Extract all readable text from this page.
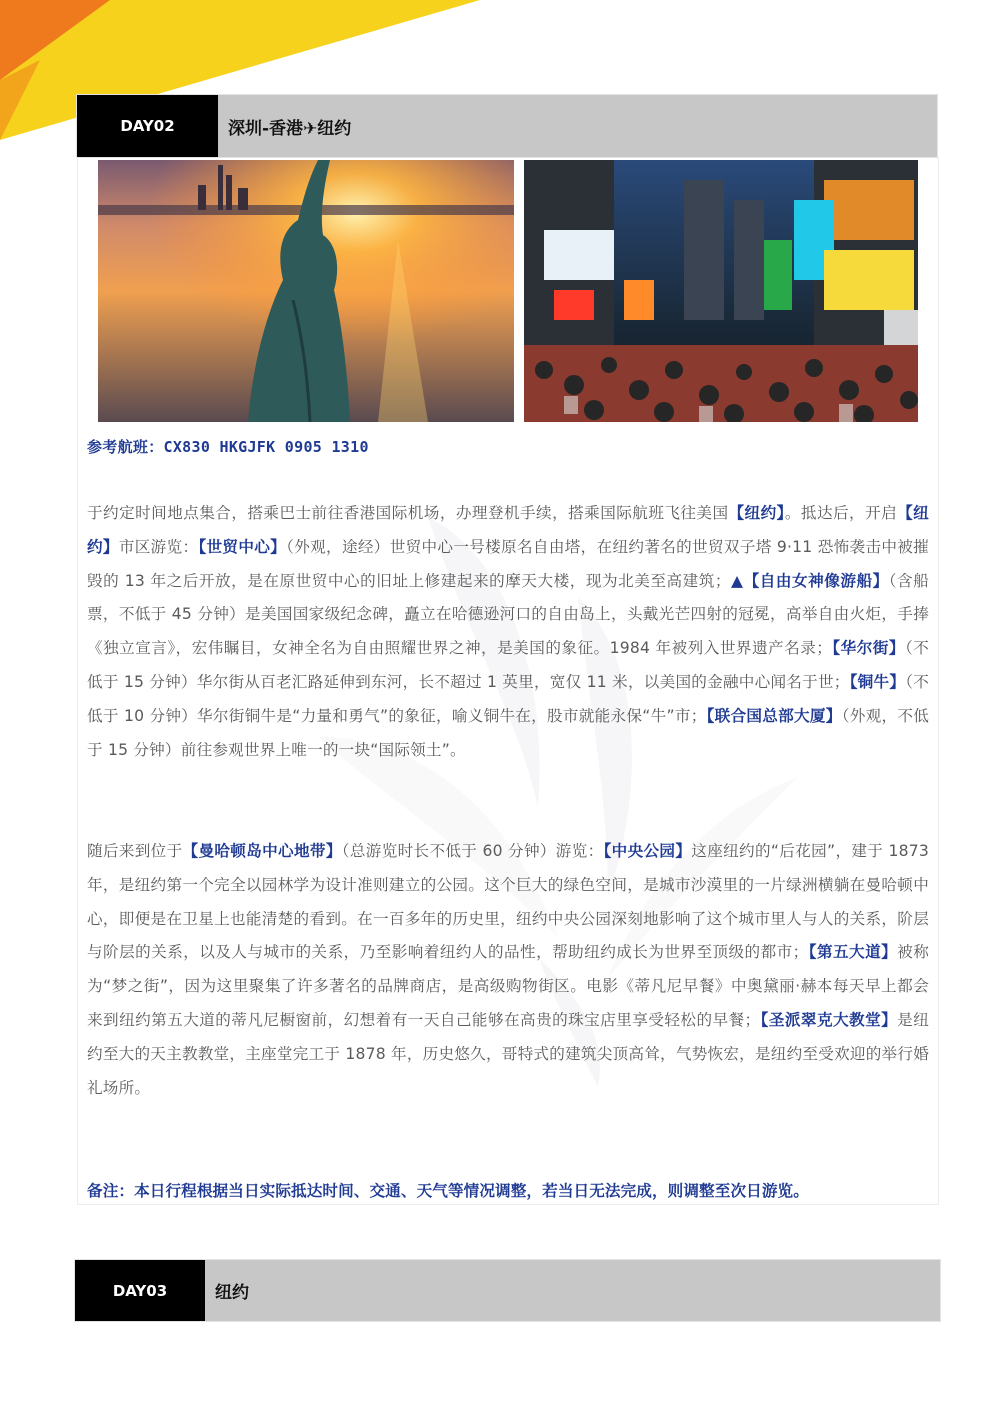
DAY02	深圳-香港✈纽约
参考航班：CX830 HKGJFK 0905 1310
于约定时间地点集合，搭乘巴士前往香港国际机场，办理登机手续，搭乘国际航班飞往美国【纽约】。抵达后，开启【纽约】市区游览：【世贸中心】（外观，途经）世贸中心一号楼原名自由塔，在纽约著名的世贸双子塔 9·11 恐怖袭击中被摧毁的 13 年之后开放，是在原世贸中心的旧址上修建起来的摩天大楼，现为北美至高建筑；▲【自由女神像游船】（含船票，不低于 45 分钟）是美国国家级纪念碑，矗立在哈德逊河口的自由岛上，头戴光芒四射的冠冕，高举自由火炬，手捧《独立宣言》，宏伟瞩目，女神全名为自由照耀世界之神，是美国的象征。1984 年被列入世界遗产名录；【华尔街】（不低于 15 分钟）华尔街从百老汇路延伸到东河，长不超过 1 英里，宽仅 11 米，以美国的金融中心闻名于世；【铜牛】（不低于 10 分钟）华尔街铜牛是“力量和勇气”的象征，喻义铜牛在，股市就能永保“牛”市；【联合国总部大厦】（外观，不低于 15 分钟）前往参观世界上唯一的一块“国际领土”。
随后来到位于【曼哈顿岛中心地带】（总游览时长不低于 60 分钟）游览：【中央公园】这座纽约的“后花园”，建于 1873 年，是纽约第一个完全以园林学为设计准则建立的公园。这个巨大的绿色空间，是城市沙漠里的一片绿洲横躺在曼哈顿中心，即便是在卫星上也能清楚的看到。在一百多年的历史里，纽约中央公园深刻地影响了这个城市里人与人的关系，阶层与阶层的关系，以及人与城市的关系，乃至影响着纽约人的品性，帮助纽约成长为世界至顶级的都市；【第五大道】被称为“梦之街”，因为这里聚集了许多著名的品牌商店，是高级购物街区。电影《蒂凡尼早餐》中奥黛丽·赫本每天早上都会来到纽约第五大道的蒂凡尼橱窗前，幻想着有一天自己能够在高贵的珠宝店里享受轻松的早餐；【圣派翠克大教堂】是纽约至大的天主教教堂，主座堂完工于 1878 年，历史悠久，哥特式的建筑尖顶高耸，气势恢宏，是纽约至受欢迎的举行婚礼场所。
备注：本日行程根据当日实际抵达时间、交通、天气等情况调整，若当日无法完成，则调整至次日游览。
DAY03	纽约
